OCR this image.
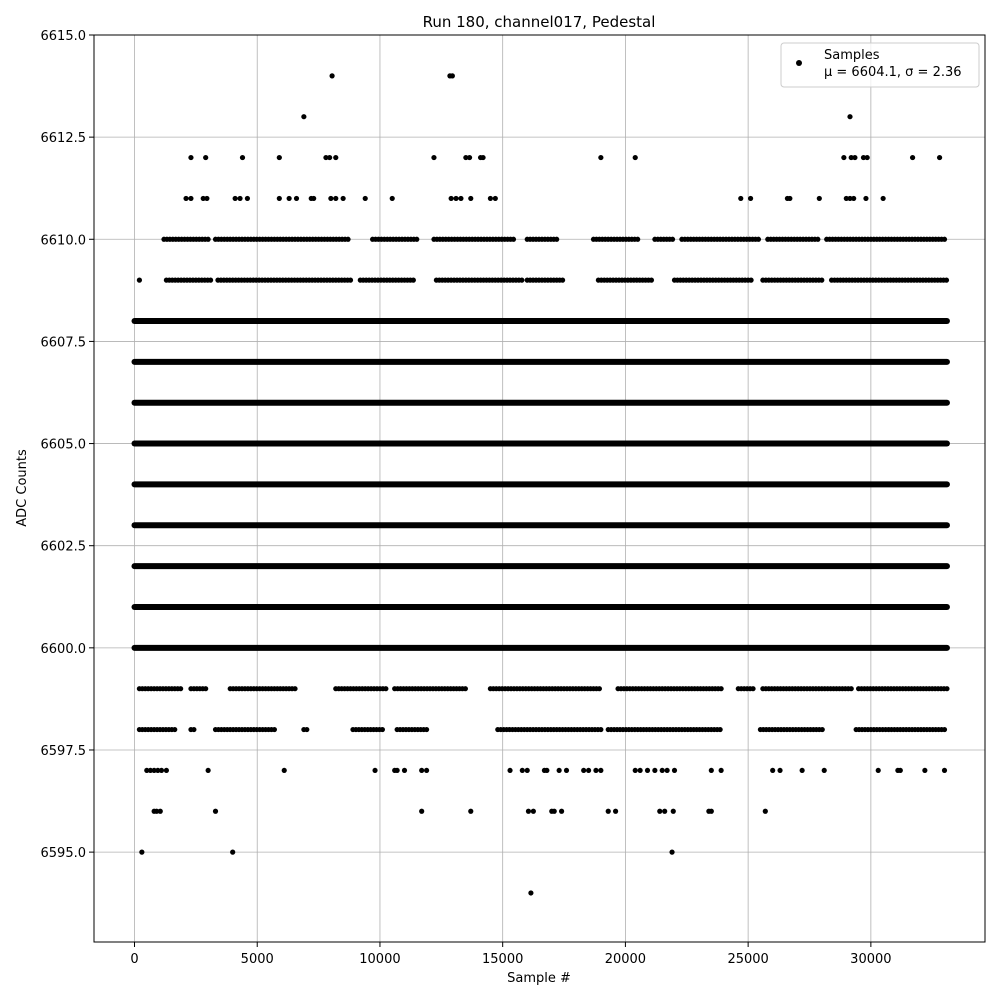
Run 180, channel017, Pedestal
0	5000	10000	15000	20000	25000	30000
6595.0
6597.5
6600.0
6602.5
6605.0
6607.5
6610.0
6612.5
6615.0
Sample #
ADC Counts
Samples
μ = 6604.1, σ = 2.36
